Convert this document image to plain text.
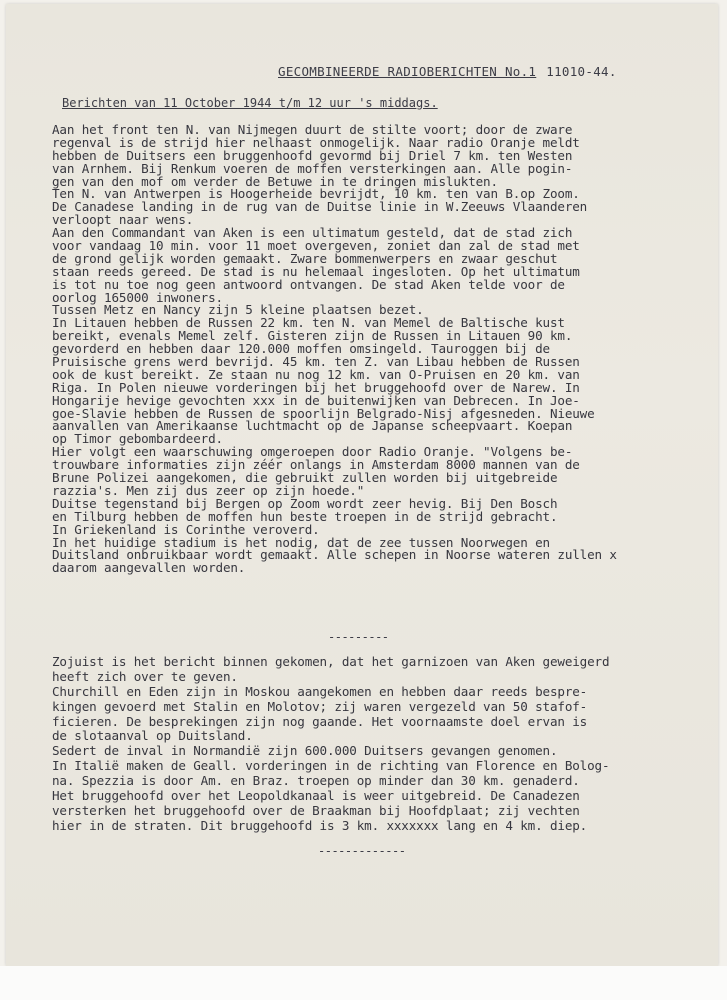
GECOMBINEERDE RADIOBERICHTEN No.1 11010-44.
Berichten van 11 October 1944 t/m 12 uur 's middags.
Aan het front ten N. van Nijmegen duurt de stilte voort; door de zware
regenval is de strijd hier nelhaast onmogelijk. Naar radio Oranje meldt
hebben de Duitsers een bruggenhoofd gevormd bij Driel 7 km. ten Westen
van Arnhem. Bij Renkum voeren de moffen versterkingen aan. Alle pogin-
gen van den mof om verder de Betuwe in te dringen mislukten.
Ten N. van Antwerpen is Hoogerheide bevrijdt, 10 km. ten van B.op Zoom.
De Canadese landing in de rug van de Duitse linie in W.Zeeuws Vlaanderen
verloopt naar wens.
Aan den Commandant van Aken is een ultimatum gesteld, dat de stad zich
voor vandaag 10 min. voor 11 moet overgeven, zoniet dan zal de stad met
de grond gelijk worden gemaakt. Zware bommenwerpers en zwaar geschut
staan reeds gereed. De stad is nu helemaal ingesloten. Op het ultimatum
is tot nu toe nog geen antwoord ontvangen. De stad Aken telde voor de
oorlog 165000 inwoners.
Tussen Metz en Nancy zijn 5 kleine plaatsen bezet.
In Litauen hebben de Russen 22 km. ten N. van Memel de Baltische kust
bereikt, evenals Memel zelf. Gisteren zijn de Russen in Litauen 90 km.
gevorderd en hebben daar 120.000 moffen omsingeld. Tauroggen bij de
Pruisische grens werd bevrijd. 45 km. ten Z. van Libau hebben de Russen
ook de kust bereikt. Ze staan nu nog 12 km. van O-Pruisen en 20 km. van
Riga. In Polen nieuwe vorderingen bij het bruggehoofd over de Narew. In
Hongarije hevige gevochten xxx in de buitenwijken van Debrecen. In Joe-
goe-Slavie hebben de Russen de spoorlijn Belgrado-Nisj afgesneden. Nieuwe
aanvallen van Amerikaanse luchtmacht op de Japanse scheepvaart. Koepan
op Timor gebombardeerd.
Hier volgt een waarschuwing omgeroepen door Radio Oranje. "Volgens be-
trouwbare informaties zijn zéér onlangs in Amsterdam 8000 mannen van de
Brune Polizei aangekomen, die gebruikt zullen worden bij uitgebreide
razzia's. Men zij dus zeer op zijn hoede."
Duitse tegenstand bij Bergen op Zoom wordt zeer hevig. Bij Den Bosch
en Tilburg hebben de moffen hun beste troepen in de strijd gebracht.
In Griekenland is Corinthe veroverd.
In het huidige stadium is het nodig, dat de zee tussen Noorwegen en
Duitsland onbruikbaar wordt gemaakt. Alle schepen in Noorse wateren zullen x
daarom aangevallen worden.
---------
Zojuist is het bericht binnen gekomen, dat het garnizoen van Aken geweigerd
heeft zich over te geven.
Churchill en Eden zijn in Moskou aangekomen en hebben daar reeds bespre-
kingen gevoerd met Stalin en Molotov; zij waren vergezeld van 50 stafof-
ficieren. De besprekingen zijn nog gaande. Het voornaamste doel ervan is
de slotaanval op Duitsland.
Sedert de inval in Normandië zijn 600.000 Duitsers gevangen genomen.
In Italië maken de Geall. vorderingen in de richting van Florence en Bolog-
na. Spezzia is door Am. en Braz. troepen op minder dan 30 km. genaderd.
Het bruggehoofd over het Leopoldkanaal is weer uitgebreid. De Canadezen
versterken het bruggehoofd over de Braakman bij Hoofdplaat; zij vechten
hier in de straten. Dit bruggehoofd is 3 km. xxxxxxx lang en 4 km. diep.
-------------
